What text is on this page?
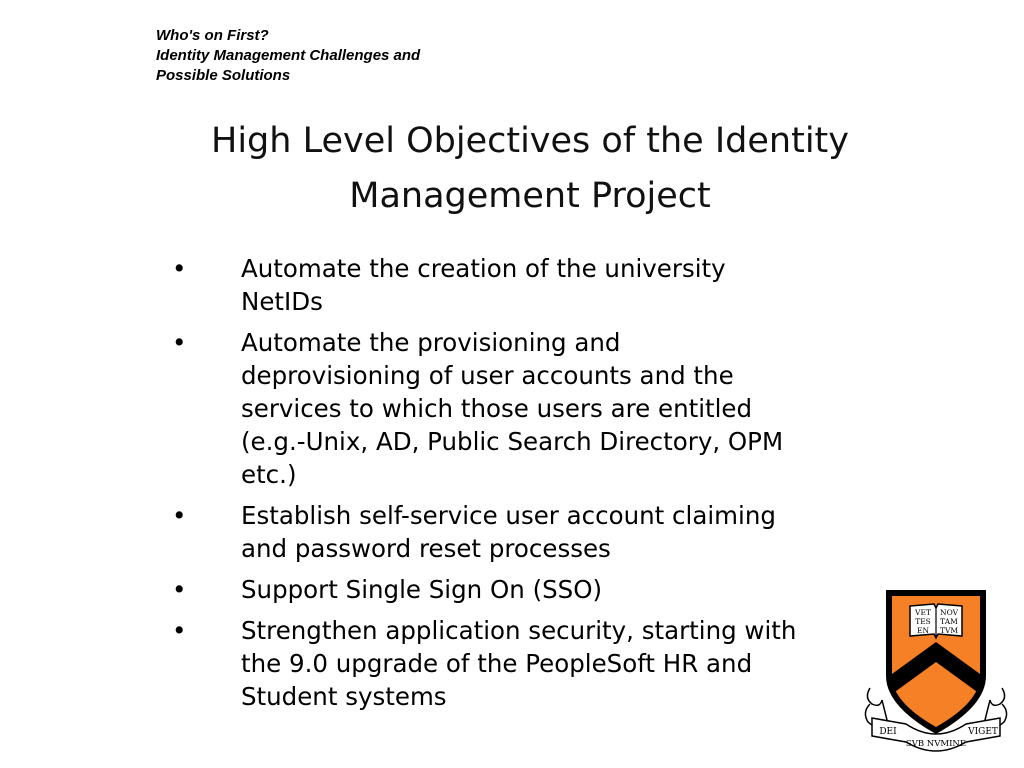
Who's on First?
Identity Management Challenges and
Possible Solutions
High Level Objectives of the Identity
Management Project
• Automate the creation of the university
NetIDs
• Automate the provisioning and
deprovisioning of user accounts and the
services to which those users are entitled
(e.g.-Unix, AD, Public Search Directory, OPM
etc.)
• Establish self-service user account claiming
and password reset processes
• Support Single Sign On (SSO)
• Strengthen application security, starting with
the 9.0 upgrade of the PeopleSoft HR and
Student systems
VET
TES
EN
NOV
TAM
TVM
DEI
SVB NVMINE
VIGET
